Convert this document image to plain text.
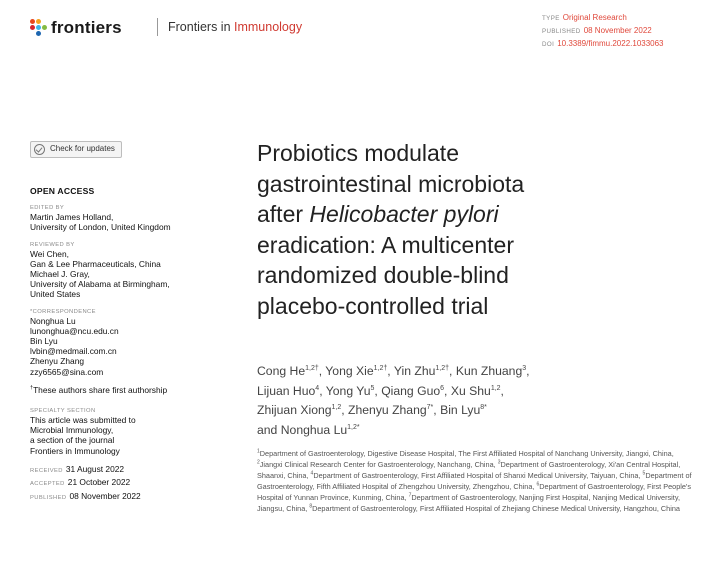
frontiers	Frontiers in Immunology
TYPE Original Research
PUBLISHED 08 November 2022
DOI 10.3389/fimmu.2022.1033063
Check for updates
OPEN ACCESS
EDITED BY
Martin James Holland,
University of London, United Kingdom
REVIEWED BY
Wei Chen,
Gan & Lee Pharmaceuticals, China
Michael J. Gray,
University of Alabama at Birmingham,
United States
*CORRESPONDENCE
Nonghua Lu
lunonghua@ncu.edu.cn
Bin Lyu
lvbin@medmail.com.cn
Zhenyu Zhang
zzy6565@sina.com
†These authors share first authorship
SPECIALTY SECTION
This article was submitted to
Microbial Immunology,
a section of the journal
Frontiers in Immunology
RECEIVED 31 August 2022
ACCEPTED 21 October 2022
PUBLISHED 08 November 2022
Probiotics modulate
gastrointestinal microbiota
after Helicobacter pylori
eradication: A multicenter
randomized double-blind
placebo-controlled trial
Cong $He^{1,2\dagger}$, Yong Xie$^{1,2\dagger}$, Yin Zhu$^{1,2\dagger}$, Kun Zhuang$^3$,
Lijuan Huo$^4$, Yong Yu$^5$, Qiang Guo$^6$, Xu Shu$^{1,2}$,
Zhijuan Xiong$^{1,2}$, Zhenyu Zhang$^{7*}$, Bin Lyu$^{8*}$
and Nonghua $Lu^{1,2*}$
$^1$Department of Gastroenterology, Digestive Disease Hospital, The First Affiliated Hospital of Nanchang University, Jiangxi, China, $^2$Jiangxi Clinical Research Center for Gastroenterology, Nanchang, China, $^3$Department of Gastroenterology, Xi'an Central Hospital, Shaanxi, China, $^4$Department of Gastroenterology, First Affiliated Hospital of Shanxi Medical University, Taiyuan, China, $^5$Department of Gastroenterology, Fifth Affiliated Hospital of Zhengzhou University, Zhengzhou, China, $^6$Department of Gastroenterology, First People's Hospital of Yunnan Province, Kunming, China, $^7$Department of Gastroenterology, Nanjing First Hospital, Nanjing Medical University, Jiangsu, China, $^8$Department of Gastroenterology, First Affiliated Hospital of Zhejiang Chinese Medical University, Hangzhou, China
